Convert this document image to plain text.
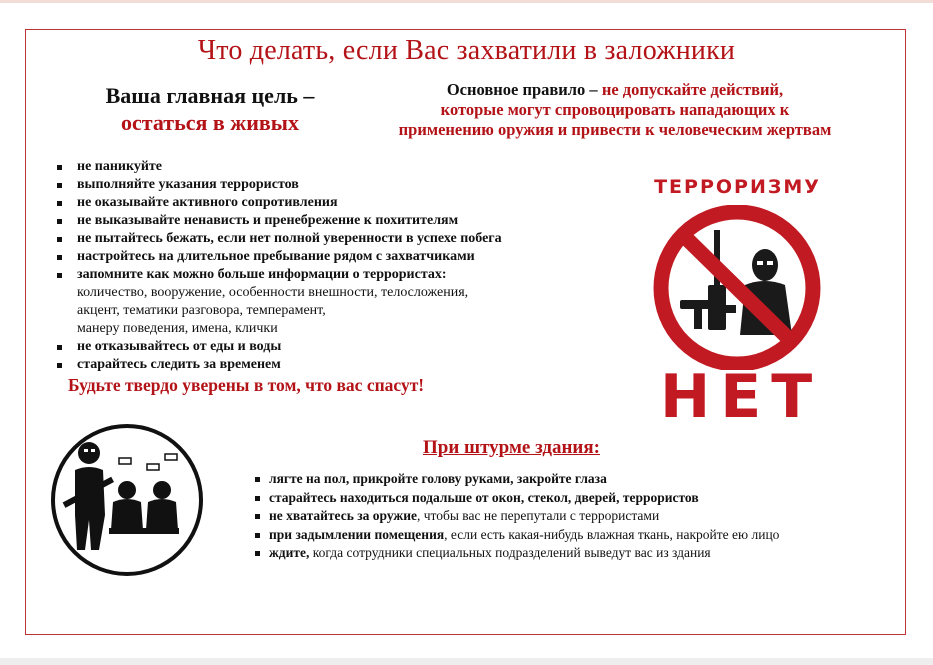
Что делать, если Вас захватили в заложники
Ваша главная цель –
остаться в живых
Основное правило – не допускайте действий,
которые могут спровоцировать нападающих к
применению оружия и привести к человеческим жертвам
не паникуйте
выполняйте указания террористов
не оказывайте активного сопротивления
не выказывайте ненависть и пренебрежение к похитителям
не пытайтесь бежать, если нет полной уверенности в успехе побега
настройтесь на длительное пребывание рядом с захватчиками
запомните как можно больше информации о террористах:
количество, вооружение, особенности внешности, телосложения,
акцент, тематики разговора, темперамент,
манеру поведения, имена, клички
не отказывайтесь от еды и воды
старайтесь следить за временем
Будьте твердо уверены в том, что вас спасут!
ТЕРРОРИЗМУ
НЕТ
При штурме здания:
лягте на пол, прикройте голову руками, закройте глаза
старайтесь находиться подальше от окон, стекол, дверей, террористов
не хватайтесь за оружие, чтобы вас не перепутали с террористами
при задымлении помещения, если есть какая-нибудь влажная ткань, накройте ею лицо
ждите, когда сотрудники специальных подразделений выведут вас из здания
